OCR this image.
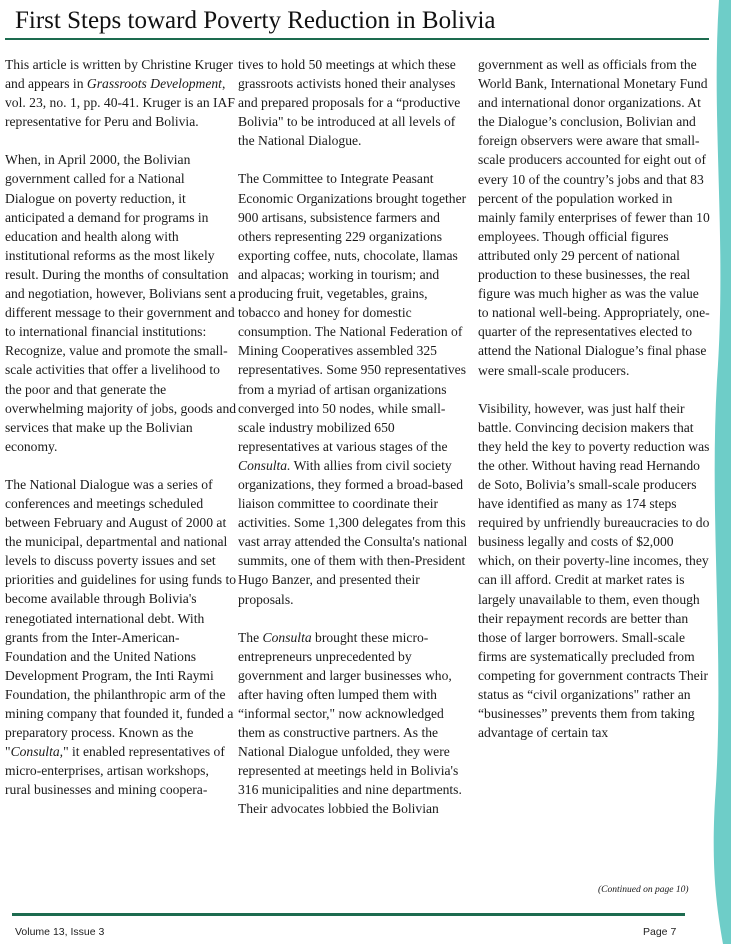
First Steps toward Poverty Reduction in Bolivia

This article is written by Christine Kruger and appears in Grassroots Development, vol. 23, no. 1, pp. 40-41. Kruger is an IAF representative for Peru and Bolivia.

When, in April 2000, the Bolivian government called for a National Dialogue on poverty reduction, it anticipated a demand for programs in education and health along with institutional reforms as the most likely result. During the months of consultation and negotiation, however, Bolivians sent a different message to their government and to international financial institutions: Recognize, value and promote the small-scale activities that offer a livelihood to the poor and that generate the overwhelming majority of jobs, goods and services that make up the Bolivian economy.

The National Dialogue was a series of conferences and meetings scheduled between February and August of 2000 at the municipal, departmental and national levels to discuss poverty issues and set priorities and guidelines for using funds to become available through Bolivia's renegotiated international debt. With grants from the Inter-American-Foundation and the United Nations Development Program, the Inti Raymi Foundation, the philanthropic arm of the mining company that founded it, funded a preparatory process. Known as the "Consulta," it enabled representatives of micro-enterprises, artisan workshops, rural businesses and mining coopera-

tives to hold 50 meetings at which these grassroots activists honed their analyses and prepared proposals for a “productive Bolivia" to be introduced at all levels of the National Dialogue.

The Committee to Integrate Peasant Economic Organizations brought together 900 artisans, subsistence farmers and others representing 229 organizations exporting coffee, nuts, chocolate, llamas and alpacas; working in tourism; and producing fruit, vegetables, grains, tobacco and honey for domestic consumption. The National Federation of Mining Cooperatives assembled 325 representatives. Some 950 representatives from a myriad of artisan organizations converged into 50 nodes, while small-scale industry mobilized 650 representatives at various stages of the Consulta. With allies from civil society organizations, they formed a broad-based liaison committee to coordinate their activities. Some 1,300 delegates from this vast array attended the Consulta's national summits, one of them with then-President Hugo Banzer, and presented their proposals.

The Consulta brought these micro-entrepreneurs unprecedented by government and larger businesses who, after having often lumped them with “informal sector," now acknowledged them as constructive partners. As the National Dialogue unfolded, they were represented at meetings held in Bolivia's 316 municipalities and nine departments. Their advocates lobbied the Bolivian

government as well as officials from the World Bank, International Monetary Fund and international donor organizations. At the Dialogue’s conclusion, Bolivian and foreign observers were aware that small-scale producers accounted for eight out of every 10 of the country’s jobs and that 83 percent of the population worked in mainly family enterprises of fewer than 10 employees. Though official figures attributed only 29 percent of national production to these businesses, the real figure was much higher as was the value to national well-being. Appropriately, one-quarter of the representatives elected to attend the National Dialogue’s final phase were small-scale producers.

Visibility, however, was just half their battle. Convincing decision makers that they held the key to poverty reduction was the other. Without having read Hernando de Soto, Bolivia’s small-scale producers have identified as many as 174 steps required by unfriendly bureaucracies to do business legally and costs of $2,000 which, on their poverty-line incomes, they can ill afford. Credit at market rates is largely unavailable to them, even though their repayment records are better than those of larger borrowers. Small-scale firms are systematically precluded from competing for government contracts Their status as “civil organizations" rather an “businesses” prevents them from taking advantage of certain tax

(Continued on page 10)

Volume 13, Issue 3	Page 7
